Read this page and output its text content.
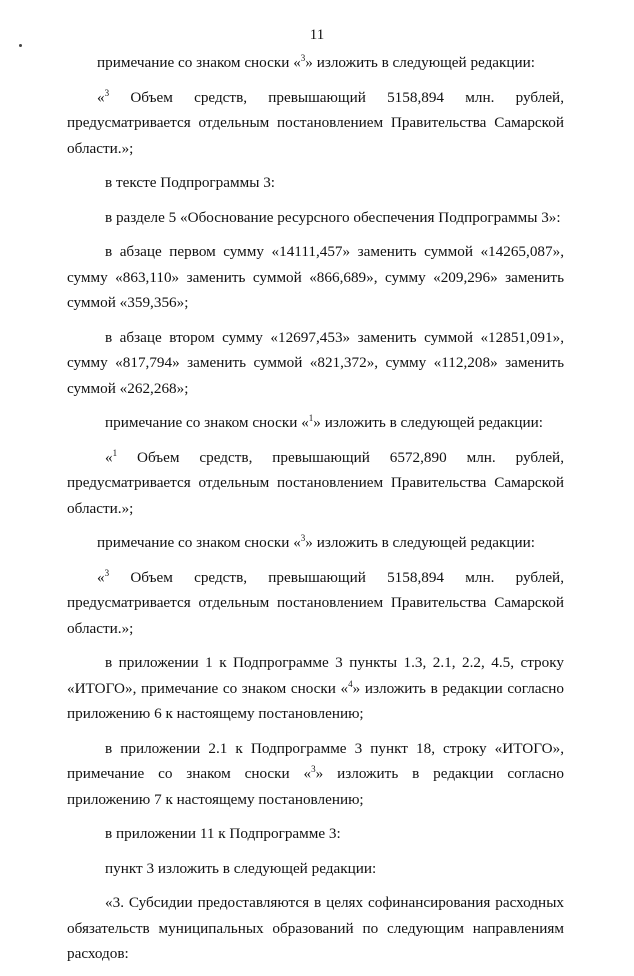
11

примечание со знаком сноски «$^3$» изложить в следующей редакции:

«$^3$ Объем средств, превышающий 5158,894 млн. рублей, предусматривается отдельным постановлением Правительства Самарской области.»;

в тексте Подпрограммы 3:

в разделе 5 «Обоснование ресурсного обеспечения Подпрограммы 3»:

в абзаце первом сумму «14111,457» заменить суммой «14265,087», сумму «863,110» заменить суммой «866,689», сумму «209,296» заменить суммой «359,356»;

в абзаце втором сумму «12697,453» заменить суммой «12851,091», сумму «817,794» заменить суммой «821,372», сумму «112,208» заменить суммой «262,268»;

примечание со знаком сноски «$^1$» изложить в следующей редакции:

«$^1$ Объем средств, превышающий 6572,890 млн. рублей, предусматривается отдельным постановлением Правительства Самарской области.»;

примечание со знаком сноски «$^3$» изложить в следующей редакции:

«$^3$ Объем средств, превышающий 5158,894 млн. рублей, предусматривается отдельным постановлением Правительства Самарской области.»;

в приложении 1 к Подпрограмме 3 пункты 1.3, 2.1, 2.2, 4.5, строку «ИТОГО», примечание со знаком сноски «$^4$» изложить в редакции согласно приложению 6 к настоящему постановлению;

в приложении 2.1 к Подпрограмме 3 пункт 18, строку «ИТОГО», примечание со знаком сноски «$^3$» изложить в редакции согласно приложению 7 к настоящему постановлению;

в приложении 11 к Подпрограмме 3:

пункт 3 изложить в следующей редакции:

«3. Субсидии предоставляются в целях софинансирования расходных обязательств муниципальных образований по следующим направлениям расходов:
